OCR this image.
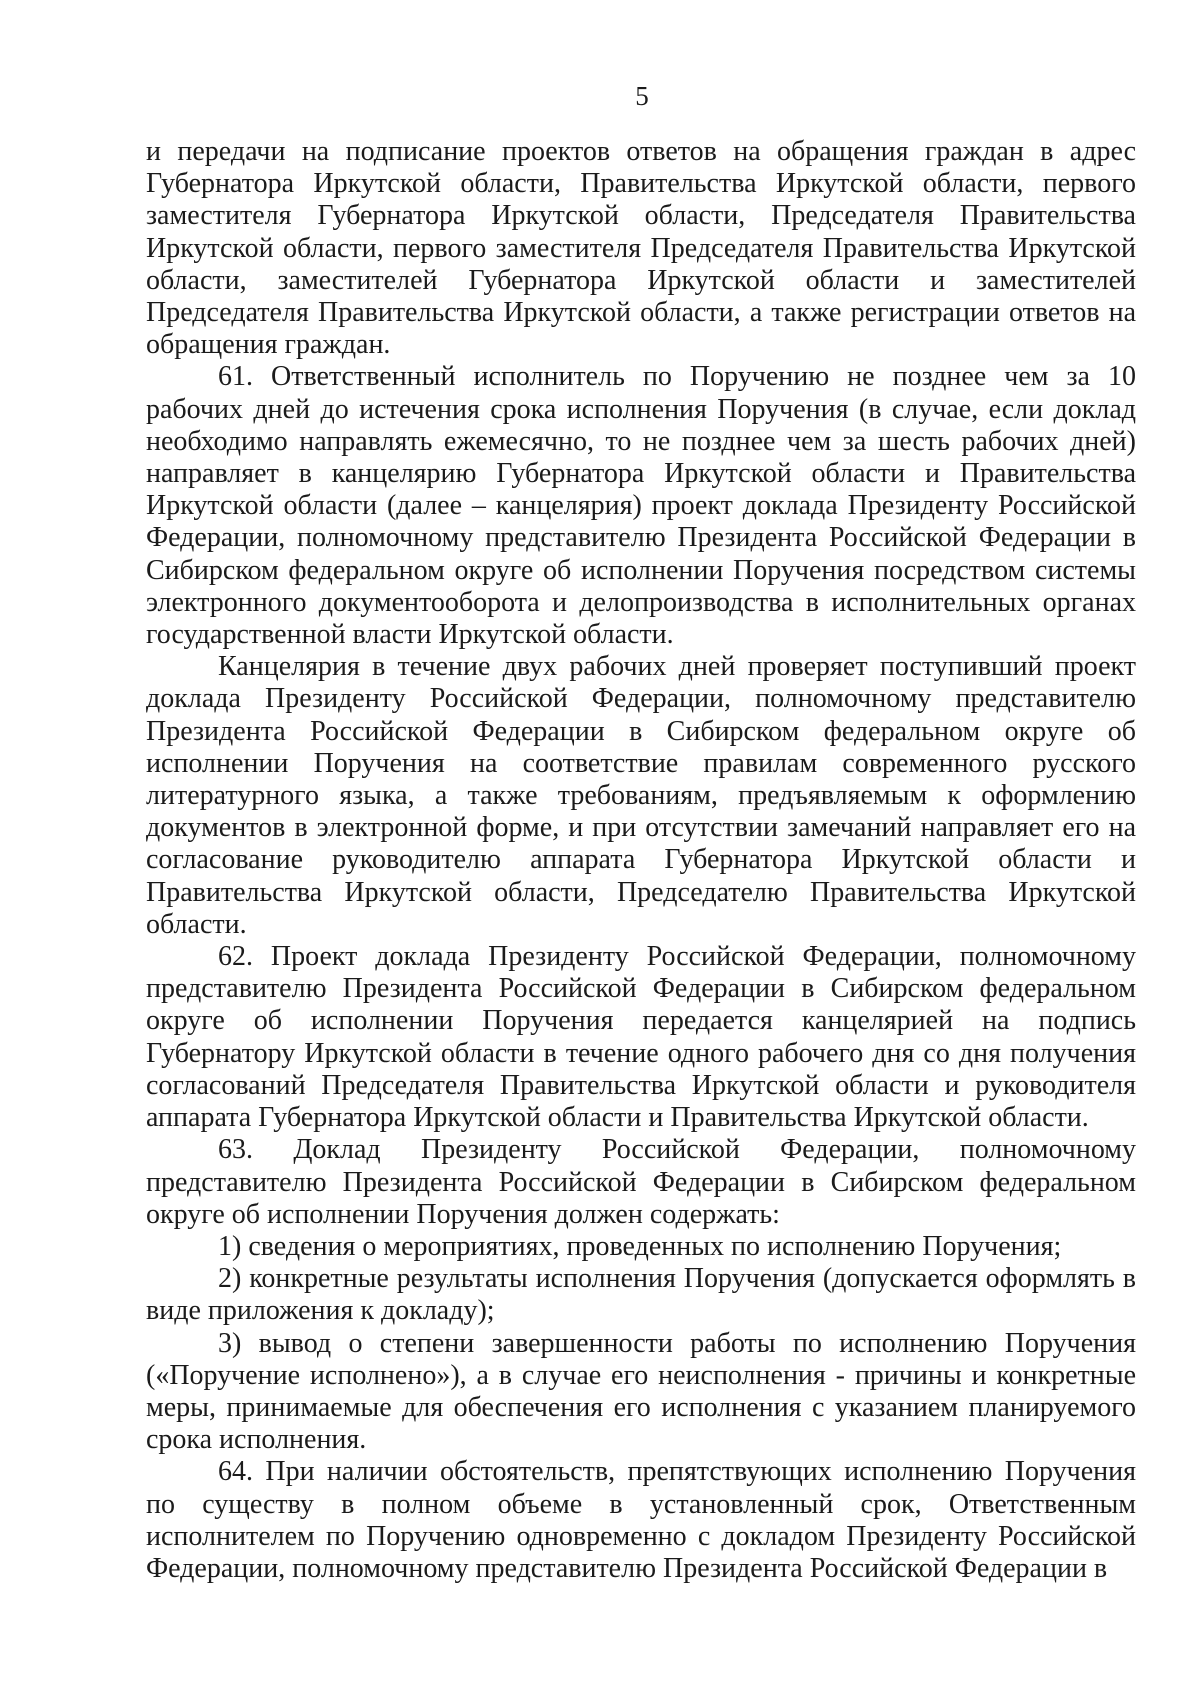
5

и передачи на подписание проектов ответов на обращения граждан в адрес Губернатора Иркутской области, Правительства Иркутской области, первого заместителя Губернатора Иркутской области, Председателя Правительства Иркутской области, первого заместителя Председателя Правительства Иркутской области, заместителей Губернатора Иркутской области и заместителей Председателя Правительства Иркутской области, а также регистрации ответов на обращения граждан.

61. Ответственный исполнитель по Поручению не позднее чем за 10 рабочих дней до истечения срока исполнения Поручения (в случае, если доклад необходимо направлять ежемесячно, то не позднее чем за шесть рабочих дней) направляет в канцелярию Губернатора Иркутской области и Правительства Иркутской области (далее – канцелярия) проект доклада Президенту Российской Федерации, полномочному представителю Президента Российской Федерации в Сибирском федеральном округе об исполнении Поручения посредством системы электронного документооборота и делопроизводства в исполнительных органах государственной власти Иркутской области.

Канцелярия в течение двух рабочих дней проверяет поступивший проект доклада Президенту Российской Федерации, полномочному представителю Президента Российской Федерации в Сибирском федеральном округе об исполнении Поручения на соответствие правилам современного русского литературного языка, а также требованиям, предъявляемым к оформлению документов в электронной форме, и при отсутствии замечаний направляет его на согласование руководителю аппарата Губернатора Иркутской области и Правительства Иркутской области, Председателю Правительства Иркутской области.

62. Проект доклада Президенту Российской Федерации, полномочному представителю Президента Российской Федерации в Сибирском федеральном округе об исполнении Поручения передается канцелярией на подпись Губернатору Иркутской области в течение одного рабочего дня со дня получения согласований Председателя Правительства Иркутской области и руководителя аппарата Губернатора Иркутской области и Правительства Иркутской области.

63. Доклад Президенту Российской Федерации, полномочному представителю Президента Российской Федерации в Сибирском федеральном округе об исполнении Поручения должен содержать:

1) сведения о мероприятиях, проведенных по исполнению Поручения;

2) конкретные результаты исполнения Поручения (допускается оформлять в виде приложения к докладу);

3) вывод о степени завершенности работы по исполнению Поручения («Поручение исполнено»), а в случае его неисполнения - причины и конкретные меры, принимаемые для обеспечения его исполнения с указанием планируемого срока исполнения.

64. При наличии обстоятельств, препятствующих исполнению Поручения по существу в полном объеме в установленный срок, Ответственным исполнителем по Поручению одновременно с докладом Президенту Российской Федерации, полномочному представителю Президента Российской Федерации в
